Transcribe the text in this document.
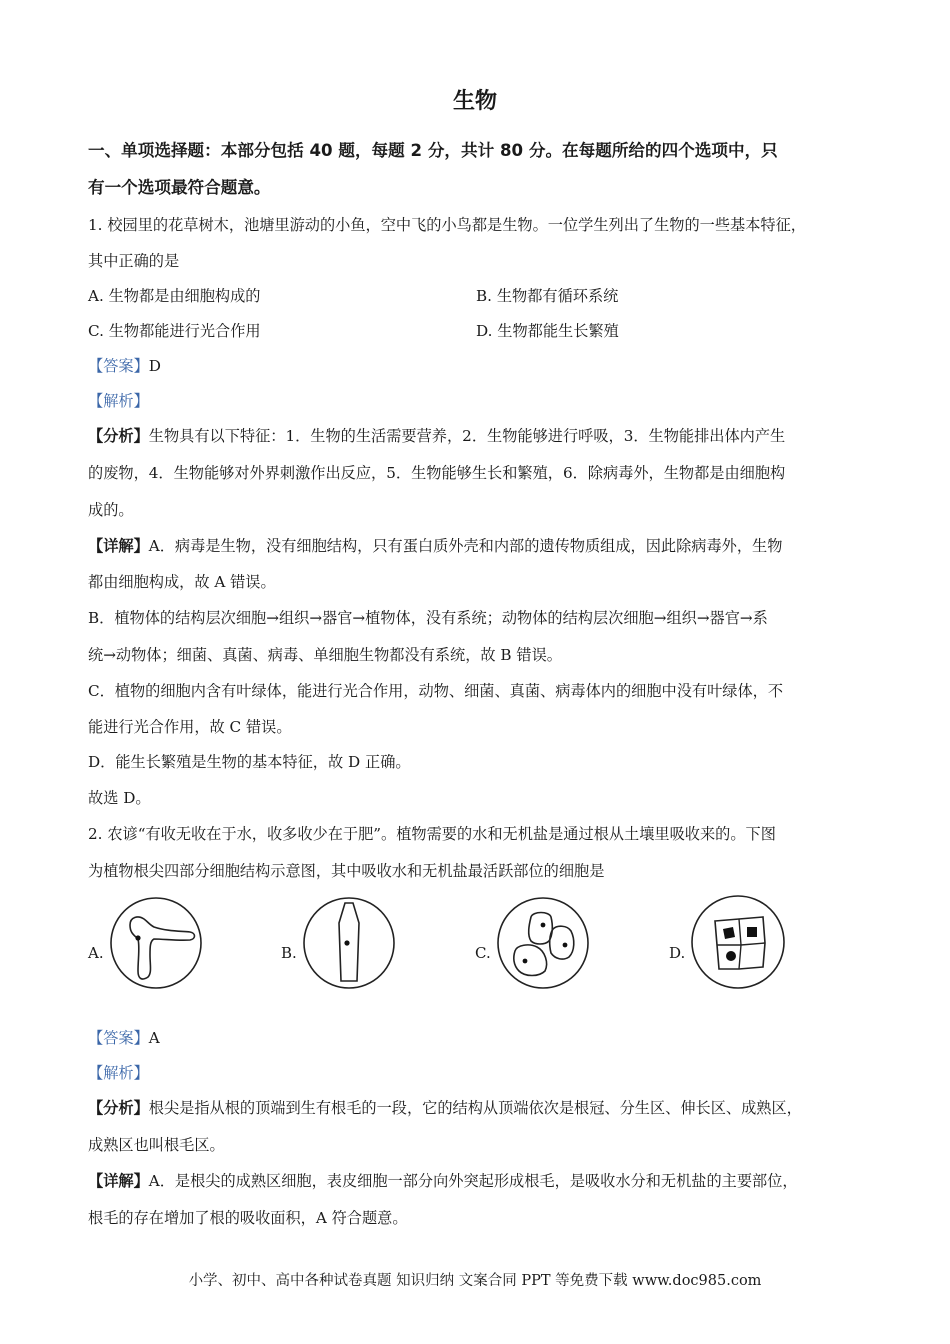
生物
一、单项选择题：本部分包括 40 题，每题 2 分，共计 80 分。在每题所给的四个选项中，只
有一个选项最符合题意。
1. 校园里的花草树木，池塘里游动的小鱼，空中飞的小鸟都是生物。一位学生列出了生物的一些基本特征，
其中正确的是
A. 生物都是由细胞构成的	B. 生物都有循环系统
C. 生物都能进行光合作用	D. 生物都能生长繁殖
【答案】D
【解析】
【分析】生物具有以下特征：1．生物的生活需要营养，2．生物能够进行呼吸，3．生物能排出体内产生
的废物，4．生物能够对外界刺激作出反应，5．生物能够生长和繁殖，6．除病毒外，生物都是由细胞构
成的。
【详解】A．病毒是生物，没有细胞结构，只有蛋白质外壳和内部的遗传物质组成，因此除病毒外，生物
都由细胞构成，故 A 错误。
B．植物体的结构层次细胞→组织→器官→植物体，没有系统；动物体的结构层次细胞→组织→器官→系
统→动物体；细菌、真菌、病毒、单细胞生物都没有系统，故 B 错误。
C．植物的细胞内含有叶绿体，能进行光合作用，动物、细菌、真菌、病毒体内的细胞中没有叶绿体，不
能进行光合作用，故 C 错误。
D．能生长繁殖是生物的基本特征，故 D 正确。
故选 D。
2. 农谚“有收无收在于水，收多收少在于肥”。植物需要的水和无机盐是通过根从土壤里吸收来的。下图
为植物根尖四部分细胞结构示意图，其中吸收水和无机盐最活跃部位的细胞是
A.	B.	C.	D.
【答案】A
【解析】
【分析】根尖是指从根的顶端到生有根毛的一段，它的结构从顶端依次是根冠、分生区、伸长区、成熟区，
成熟区也叫根毛区。
【详解】A．是根尖的成熟区细胞，表皮细胞一部分向外突起形成根毛，是吸收水分和无机盐的主要部位，
根毛的存在增加了根的吸收面积，A 符合题意。
小学、初中、高中各种试卷真题 知识归纳 文案合同 PPT 等免费下载 www.doc985.com
